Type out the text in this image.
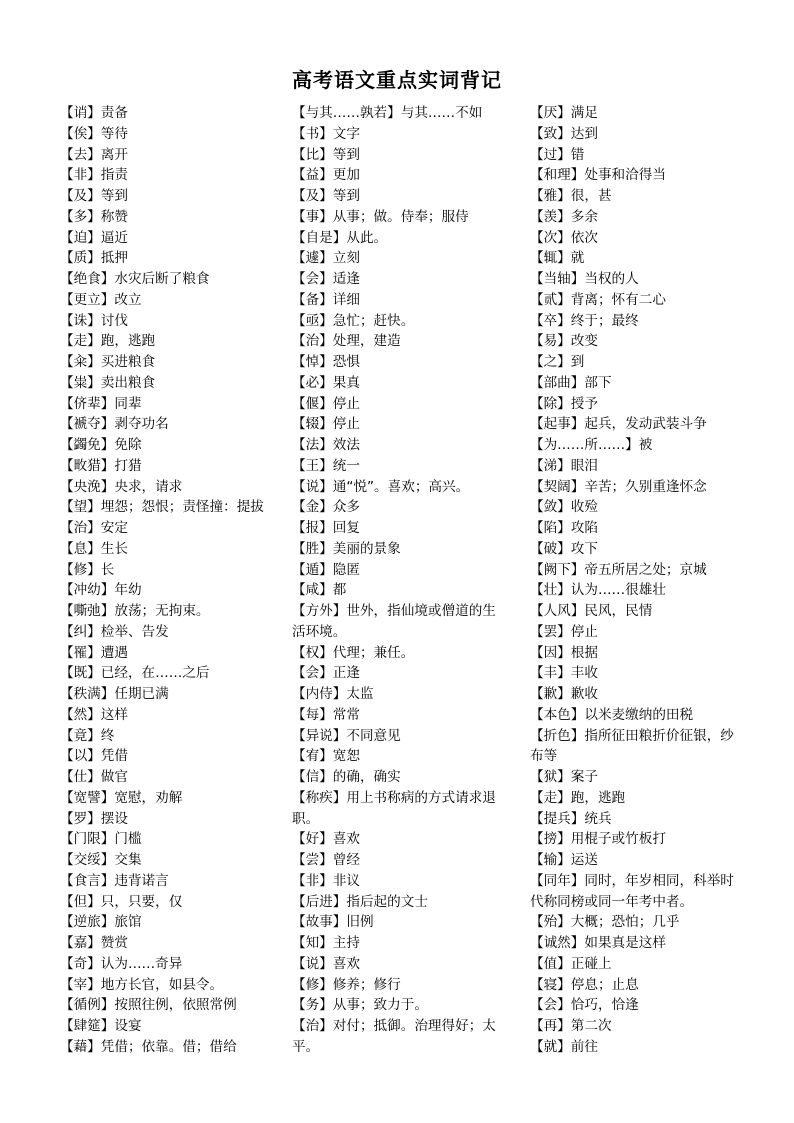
高考语文重点实词背记
【诮】责备
【俟】等待
【去】离开
【非】指责
【及】等到
【多】称赞
【迫】逼近
【质】抵押
【绝食】水灾后断了粮食
【更立】改立
【诛】讨伐
【走】跑，逃跑
【籴】买进粮食
【粜】卖出粮食
【侪辈】同辈
【褫夺】剥夺功名
【蠲免】免除
【畋猎】打猎
【央浼】央求，请求
【望】埋怨；怨恨；责怪撞：提拔
【治】安定
【息】生长
【修】长
【冲幼】年幼
【嘶弛】放荡；无拘束。
【纠】检举、告发
【罹】遭遇
【既】已经，在……之后
【秩满】任期已满
【然】这样
【竟】终
【以】凭借
【仕】做官
【宽譬】宽慰，劝解
【罗】摆设
【门限】门槛
【交绥】交集
【食言】违背诺言
【但】只，只要，仅
【逆旅】旅馆
【嘉】赞赏
【奇】认为……奇异
【宰】地方长官，如县令。
【循例】按照往例，依照常例
【肆筵】设宴
【藉】凭借；依靠。借；借给
【与其……孰若】与其……不如
【书】文字
【比】等到
【益】更加
【及】等到
【事】从事；做。侍奉；服侍
【自是】从此。
【遽】立刻
【会】适逢
【备】详细
【亟】急忙；赶快。
【治】处理，建造
【悼】恐惧
【必】果真
【偃】停止
【辍】停止
【法】效法
【王】统一
【说】通“悦”。喜欢；高兴。
【金】众多
【报】回复
【胜】美丽的景象
【遁】隐匿
【咸】都
【方外】世外，指仙境或僧道的生活环境。
【权】代理；兼任。
【会】正逢
【内侍】太监
【每】常常
【异说】不同意见
【宥】宽恕
【信】的确，确实
【称疾】用上书称病的方式请求退职。
【好】喜欢
【尝】曾经
【非】非议
【后进】指后起的文士
【故事】旧例
【知】主持
【说】喜欢
【修】修养；修行
【务】从事；致力于。
【治】对付；抵御。治理得好；太平。
【厌】满足
【致】达到
【过】错
【和理】处事和洽得当
【雅】很，甚
【羡】多余
【次】依次
【辄】就
【当轴】当权的人
【贰】背离；怀有二心
【卒】终于；最终
【易】改变
【之】到
【部曲】部下
【除】授予
【起事】起兵，发动武装斗争
【为……所……】被
【涕】眼泪
【契阔】辛苦；久别重逢怀念
【敛】收殓
【陷】攻陷
【破】攻下
【阙下】帝五所居之处；京城
【壮】认为……很雄壮
【人风】民风，民情
【罢】停止
【因】根据
【丰】丰收
【歉】歉收
【本色】以米麦缴纳的田税
【折色】指所征田粮折价征银，纱布等
【狱】案子
【走】跑，逃跑
【提兵】统兵
【搒】用棍子或竹板打
【输】运送
【同年】同时，年岁相同，科举时代称同榜或同一年考中者。
【殆】大概；恐怕；几乎
【诚然】如果真是这样
【值】正碰上
【寝】停息；止息
【会】恰巧，恰逢
【再】第二次
【就】前往
